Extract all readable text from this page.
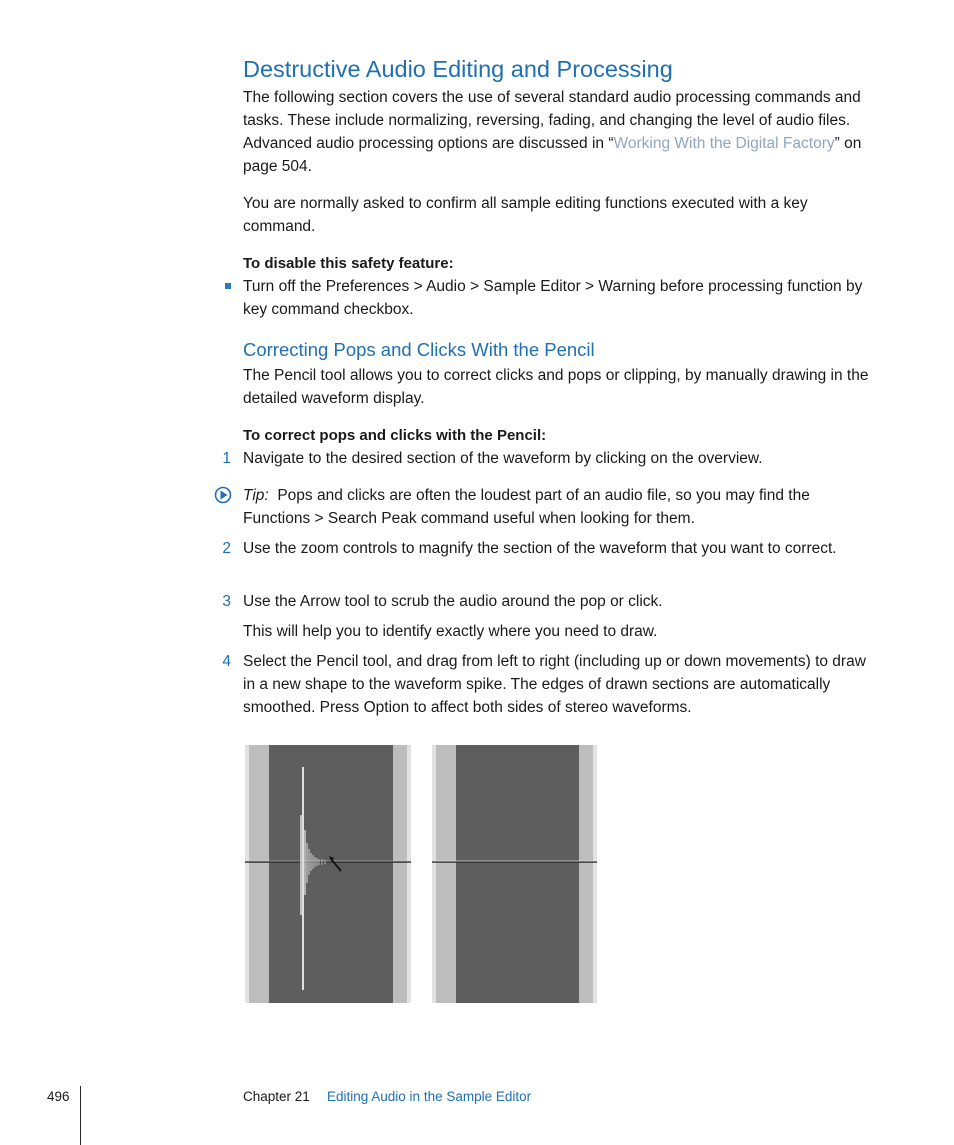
Destructive Audio Editing and Processing
The following section covers the use of several standard audio processing commands and tasks. These include normalizing, reversing, fading, and changing the level of audio files. Advanced audio processing options are discussed in “Working With the Digital Factory” on page 504.
You are normally asked to confirm all sample editing functions executed with a key command.
To disable this safety feature:
Turn off the Preferences > Audio > Sample Editor > Warning before processing function by key command checkbox.
Correcting Pops and Clicks With the Pencil
The Pencil tool allows you to correct clicks and pops or clipping, by manually drawing in the detailed waveform display.
To correct pops and clicks with the Pencil:
1 Navigate to the desired section of the waveform by clicking on the overview.
Tip: Pops and clicks are often the loudest part of an audio file, so you may find the Functions > Search Peak command useful when looking for them.
2 Use the zoom controls to magnify the section of the waveform that you want to correct.
3 Use the Arrow tool to scrub the audio around the pop or click.
This will help you to identify exactly where you need to draw.
4 Select the Pencil tool, and drag from left to right (including up or down movements) to draw in a new shape to the waveform spike. The edges of drawn sections are automatically smoothed. Press Option to affect both sides of stereo waveforms.
496	Chapter 21 Editing Audio in the Sample Editor
